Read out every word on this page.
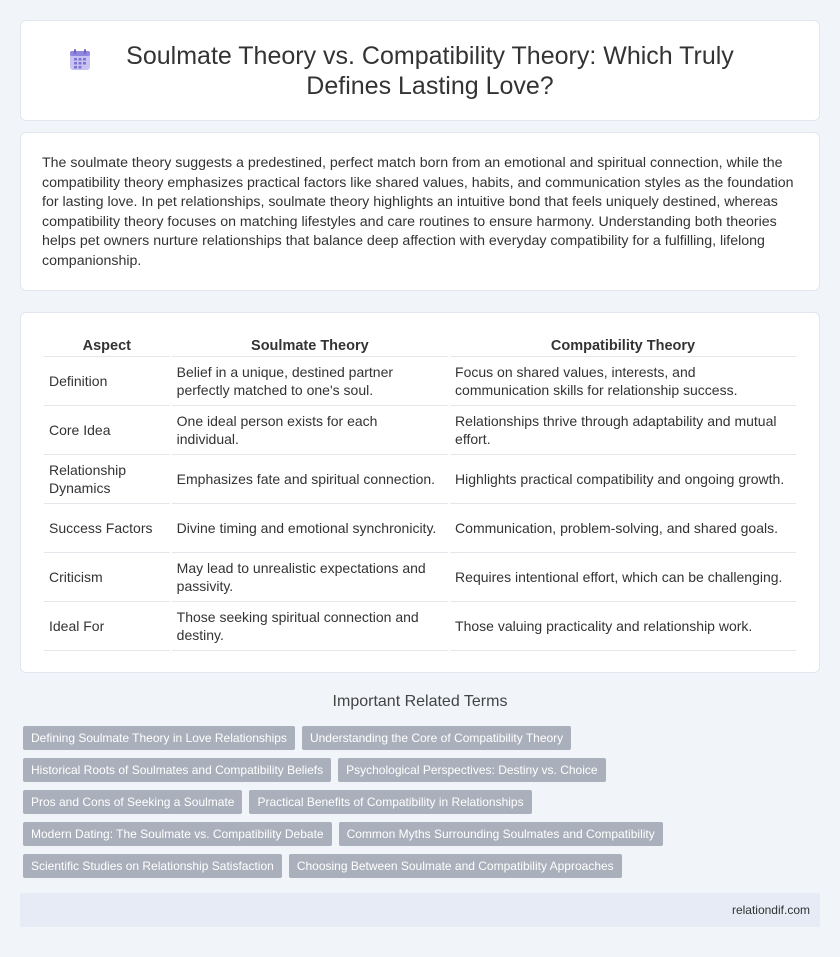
Soulmate Theory vs. Compatibility Theory: Which Truly Defines Lasting Love?

The soulmate theory suggests a predestined, perfect match born from an emotional and spiritual connection, while the compatibility theory emphasizes practical factors like shared values, habits, and communication styles as the foundation for lasting love. In pet relationships, soulmate theory highlights an intuitive bond that feels uniquely destined, whereas compatibility theory focuses on matching lifestyles and care routines to ensure harmony. Understanding both theories helps pet owners nurture relationships that balance deep affection with everyday compatibility for a fulfilling, lifelong companionship.

Aspect	Soulmate Theory	Compatibility Theory
Definition	Belief in a unique, destined partner perfectly matched to one's soul.	Focus on shared values, interests, and communication skills for relationship success.
Core Idea	One ideal person exists for each individual.	Relationships thrive through adaptability and mutual effort.
Relationship Dynamics	Emphasizes fate and spiritual connection.	Highlights practical compatibility and ongoing growth.
Success Factors	Divine timing and emotional synchronicity.	Communication, problem-solving, and shared goals.
Criticism	May lead to unrealistic expectations and passivity.	Requires intentional effort, which can be challenging.
Ideal For	Those seeking spiritual connection and destiny.	Those valuing practicality and relationship work.
Important Related Terms
Defining Soulmate Theory in Love Relationships	Understanding the Core of Compatibility Theory
Historical Roots of Soulmates and Compatibility Beliefs	Psychological Perspectives: Destiny vs. Choice
Pros and Cons of Seeking a Soulmate	Practical Benefits of Compatibility in Relationships
Modern Dating: The Soulmate vs. Compatibility Debate	Common Myths Surrounding Soulmates and Compatibility
Scientific Studies on Relationship Satisfaction	Choosing Between Soulmate and Compatibility Approaches
relationdif.com
